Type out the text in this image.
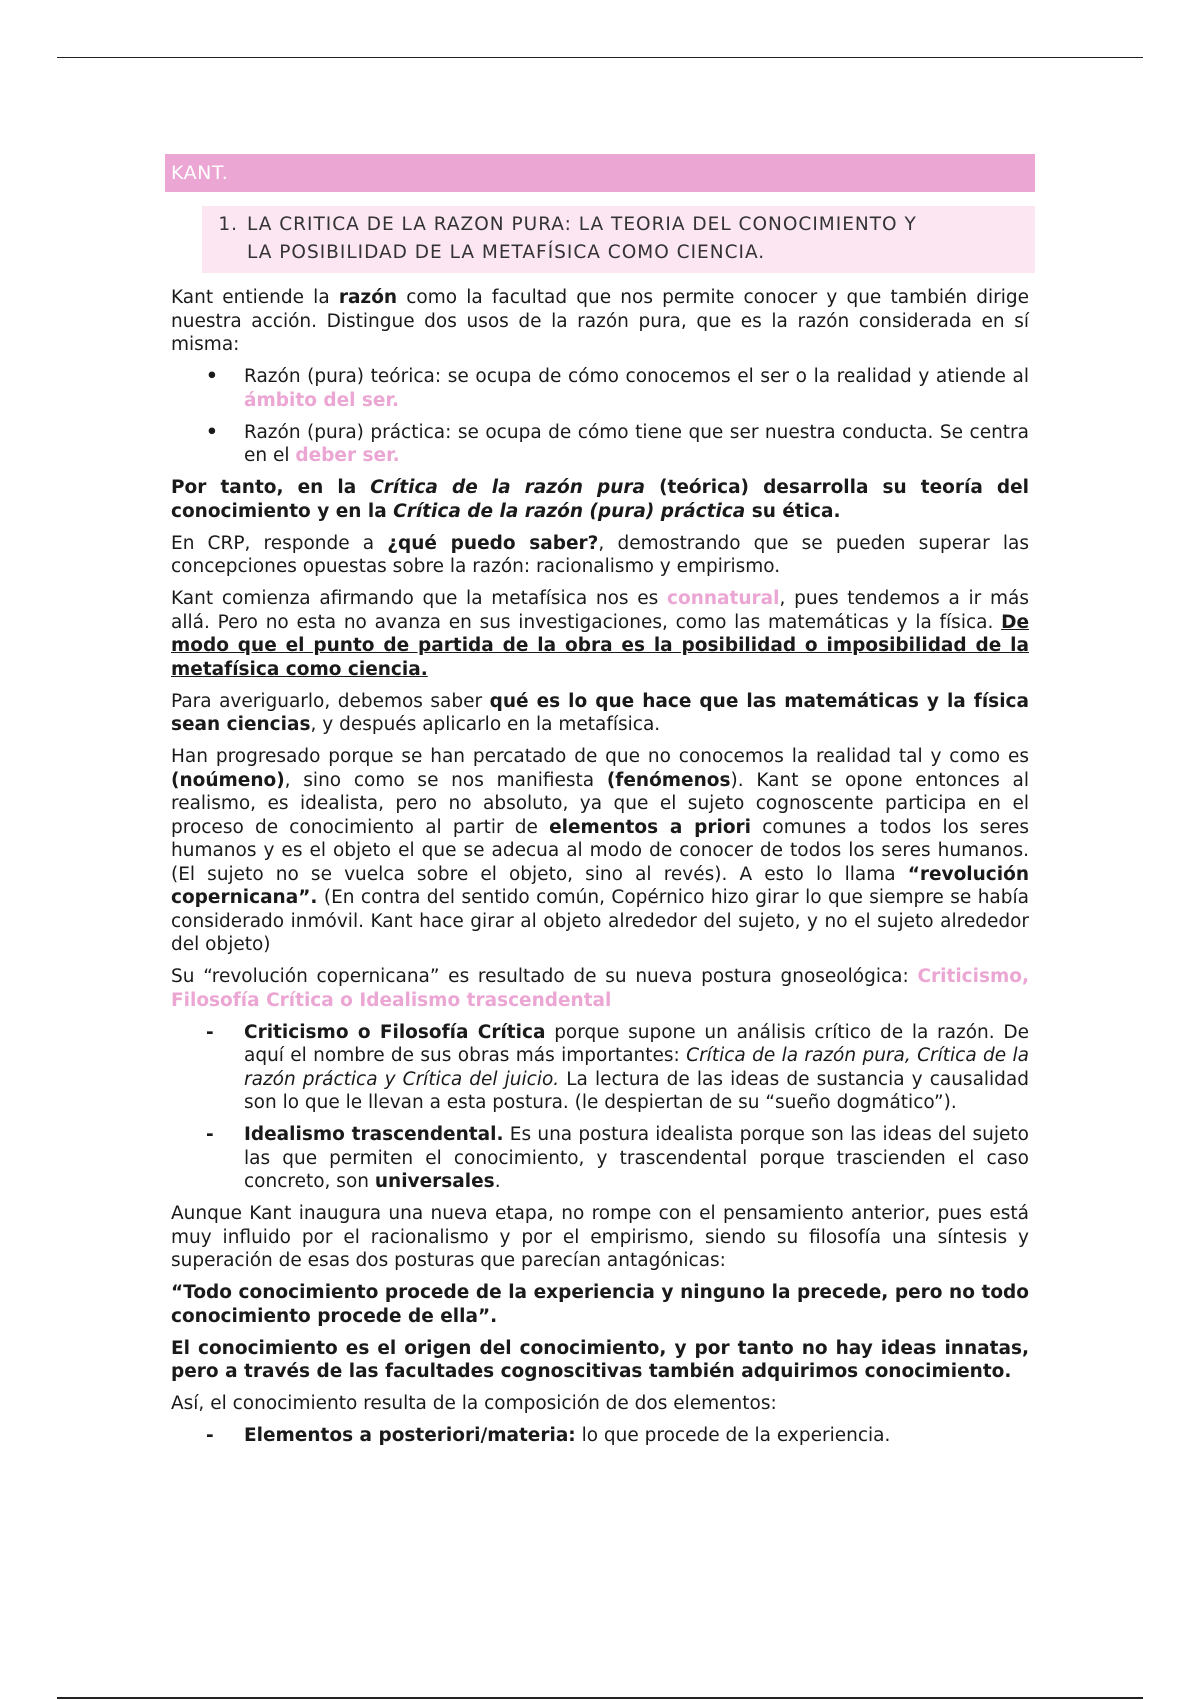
KANT.
1. LA CRITICA DE LA RAZON PURA: LA TEORIA DEL CONOCIMIENTO Y
LA POSIBILIDAD DE LA METAFÍSICA COMO CIENCIA.

Kant entiende la razón como la facultad que nos permite conocer y que también dirige nuestra acción. Distingue dos usos de la razón pura, que es la razón considerada en sí misma:

•	Razón (pura) teórica: se ocupa de cómo conocemos el ser o la realidad y atiende al ámbito del ser.
•	Razón (pura) práctica: se ocupa de cómo tiene que ser nuestra conducta. Se centra en el deber ser.

Por tanto, en la Crítica de la razón pura (teórica) desarrolla su teoría del conocimiento y en la Crítica de la razón (pura) práctica su ética.

En CRP, responde a ¿qué puedo saber?, demostrando que se pueden superar las concepciones opuestas sobre la razón: racionalismo y empirismo.

Kant comienza afirmando que la metafísica nos es connatural, pues tendemos a ir más allá. Pero no esta no avanza en sus investigaciones, como las matemáticas y la física. De modo que el punto de partida de la obra es la posibilidad o imposibilidad de la metafísica como ciencia.

Para averiguarlo, debemos saber qué es lo que hace que las matemáticas y la física sean ciencias, y después aplicarlo en la metafísica.

Han progresado porque se han percatado de que no conocemos la realidad tal y como es (noúmeno), sino como se nos manifiesta (fenómenos). Kant se opone entonces al realismo, es idealista, pero no absoluto, ya que el sujeto cognoscente participa en el proceso de conocimiento al partir de elementos a priori comunes a todos los seres humanos y es el objeto el que se adecua al modo de conocer de todos los seres humanos. (El sujeto no se vuelca sobre el objeto, sino al revés). A esto lo llama “revolución copernicana”. (En contra del sentido común, Copérnico hizo girar lo que siempre se había considerado inmóvil. Kant hace girar al objeto alrededor del sujeto, y no el sujeto alrededor del objeto)

Su “revolución copernicana” es resultado de su nueva postura gnoseológica: Criticismo, Filosofía Crítica o Idealismo trascendental

-	Criticismo o Filosofía Crítica porque supone un análisis crítico de la razón. De aquí el nombre de sus obras más importantes: Crítica de la razón pura, Crítica de la razón práctica y Crítica del juicio. La lectura de las ideas de sustancia y causalidad son lo que le llevan a esta postura. (le despiertan de su “sueño dogmático”).
-	Idealismo trascendental. Es una postura idealista porque son las ideas del sujeto las que permiten el conocimiento, y trascendental porque trascienden el caso concreto, son universales.

Aunque Kant inaugura una nueva etapa, no rompe con el pensamiento anterior, pues está muy influido por el racionalismo y por el empirismo, siendo su filosofía una síntesis y superación de esas dos posturas que parecían antagónicas:

“Todo conocimiento procede de la experiencia y ninguno la precede, pero no todo conocimiento procede de ella”.

El conocimiento es el origen del conocimiento, y por tanto no hay ideas innatas, pero a través de las facultades cognoscitivas también adquirimos conocimiento.

Así, el conocimiento resulta de la composición de dos elementos:

-	Elementos a posteriori/materia: lo que procede de la experiencia.
